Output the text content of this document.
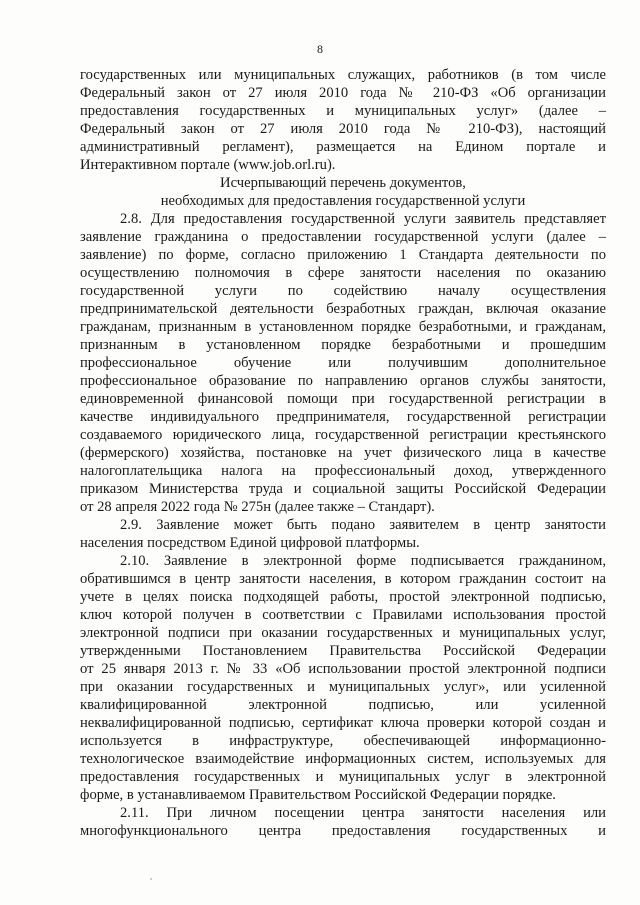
8

государственных или муниципальных служащих, работников (в том числе
Федеральный закон от 27 июля 2010 года № 210-ФЗ «Об организации
предоставления государственных и муниципальных услуг» (далее –
Федеральный закон от 27 июля 2010 года № 210-ФЗ), настоящий
административный регламент), размещается на Едином портале и
Интерактивном портале (www.job.orl.ru).

Исчерпывающий перечень документов,
необходимых для предоставления государственной услуги

2.8. Для предоставления государственной услуги заявитель представляет
заявление гражданина о предоставлении государственной услуги (далее –
заявление) по форме, согласно приложению 1 Стандарта деятельности по
осуществлению полномочия в сфере занятости населения по оказанию
государственной услуги по содействию началу осуществления
предпринимательской деятельности безработных граждан, включая оказание
гражданам, признанным в установленном порядке безработными, и гражданам,
признанным в установленном порядке безработными и прошедшим
профессиональное обучение или получившим дополнительное
профессиональное образование по направлению органов службы занятости,
единовременной финансовой помощи при государственной регистрации в
качестве индивидуального предпринимателя, государственной регистрации
создаваемого юридического лица, государственной регистрации крестьянского
(фермерского) хозяйства, постановке на учет физического лица в качестве
налогоплательщика налога на профессиональный доход, утвержденного
приказом Министерства труда и социальной защиты Российской Федерации
от 28 апреля 2022 года № 275н (далее также – Стандарт).

2.9. Заявление может быть подано заявителем в центр занятости
населения посредством Единой цифровой платформы.

2.10. Заявление в электронной форме подписывается гражданином,
обратившимся в центр занятости населения, в котором гражданин состоит на
учете в целях поиска подходящей работы, простой электронной подписью,
ключ которой получен в соответствии с Правилами использования простой
электронной подписи при оказании государственных и муниципальных услуг,
утвержденными Постановлением Правительства Российской Федерации
от 25 января 2013 г. № 33 «Об использовании простой электронной подписи
при оказании государственных и муниципальных услуг», или усиленной
квалифицированной электронной подписью, или усиленной
неквалифицированной подписью, сертификат ключа проверки которой создан и
используется в инфраструктуре, обеспечивающей информационно-
технологическое взаимодействие информационных систем, используемых для
предоставления государственных и муниципальных услуг в электронной
форме, в устанавливаемом Правительством Российской Федерации порядке.

2.11. При личном посещении центра занятости населения или
многофункционального центра предоставления государственных и
